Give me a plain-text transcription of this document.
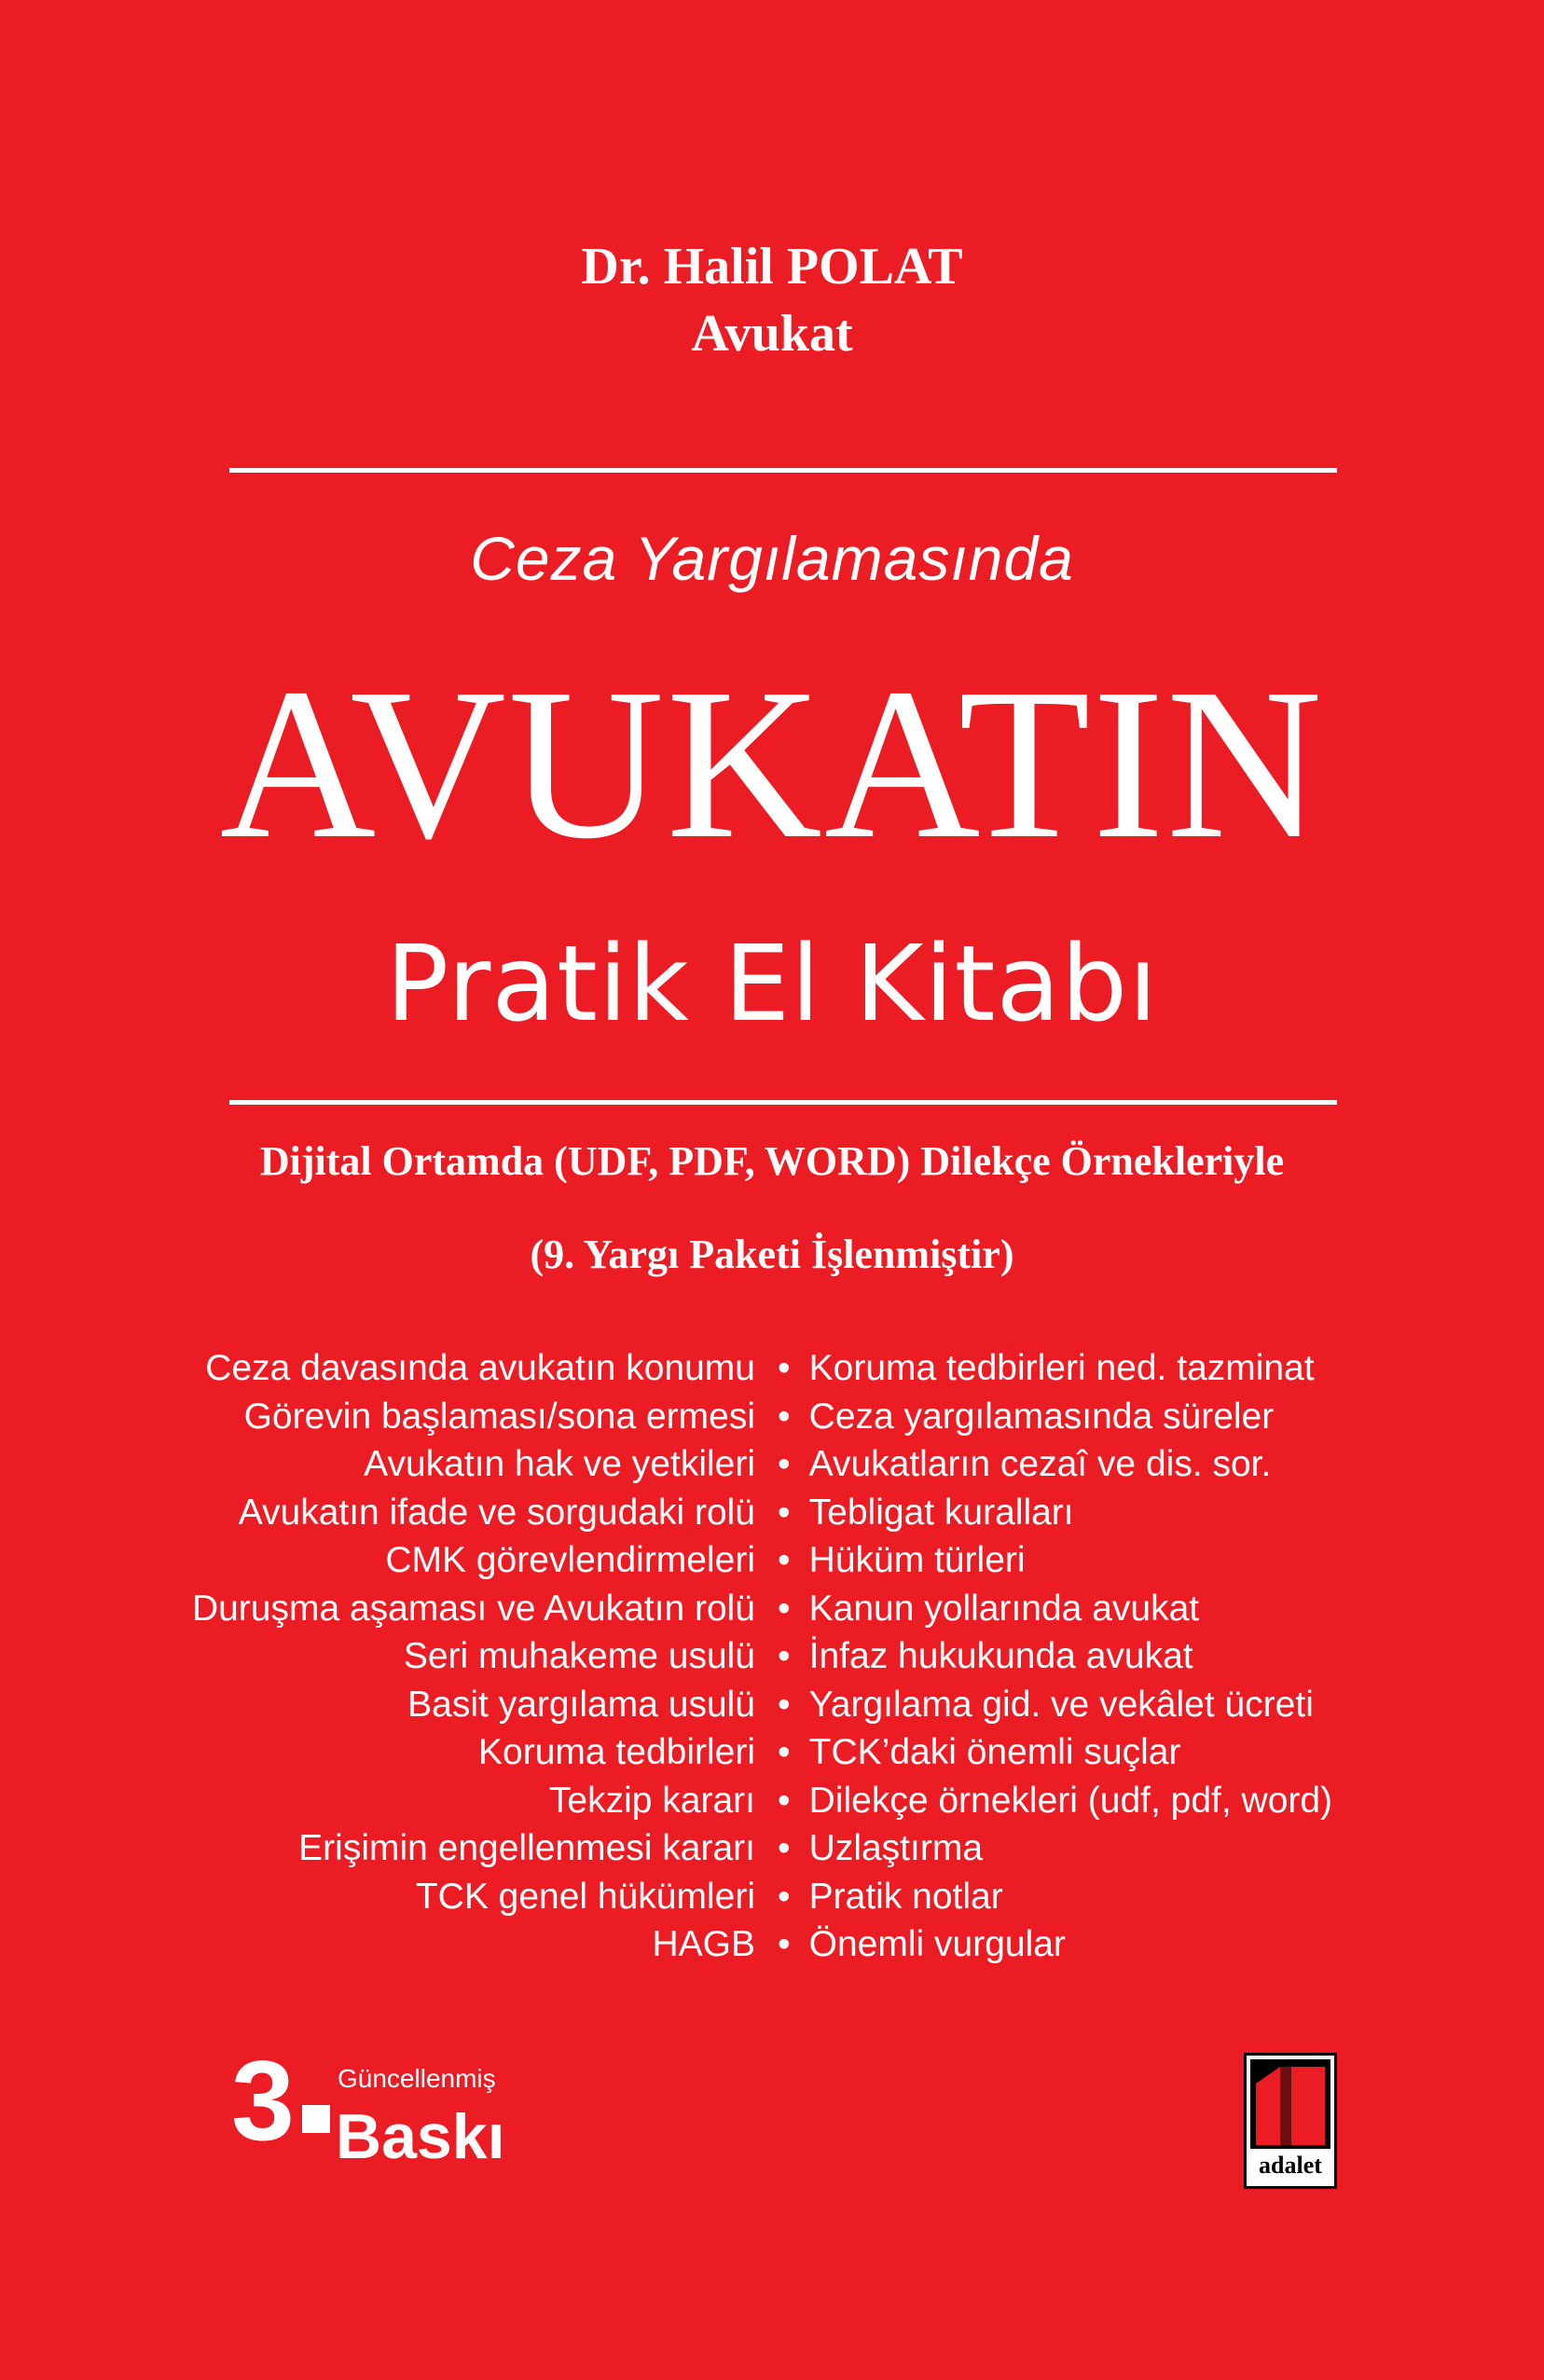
Dr. Halil POLAT
Avukat
Ceza Yargılamasında
AVUKATIN
Pratik El Kitabı
Dijital Ortamda (UDF, PDF, WORD) Dilekçe Örnekleriyle
(9. Yargı Paketi İşlenmiştir)
Ceza davasında avukatın konumu
Görevin başlaması/sona ermesi
Avukatın hak ve yetkileri
Avukatın ifade ve sorgudaki rolü
CMK görevlendirmeleri
Duruşma aşaması ve Avukatın rolü
Seri muhakeme usulü
Basit yargılama usulü
Koruma tedbirleri
Tekzip kararı
Erişimin engellenmesi kararı
TCK genel hükümleri
HAGB
• Koruma tedbirleri ned. tazminat
• Ceza yargılamasında süreler
• Avukatların cezaî ve dis. sor.
• Tebligat kuralları
• Hüküm türleri
• Kanun yollarında avukat
• İnfaz hukukunda avukat
• Yargılama gid. ve vekâlet ücreti
• TCK’daki önemli suçlar
• Dilekçe örnekleri (udf, pdf, word)
• Uzlaştırma
• Pratik notlar
• Önemli vurgular
3 Güncellenmiş
Baskı	adalet
